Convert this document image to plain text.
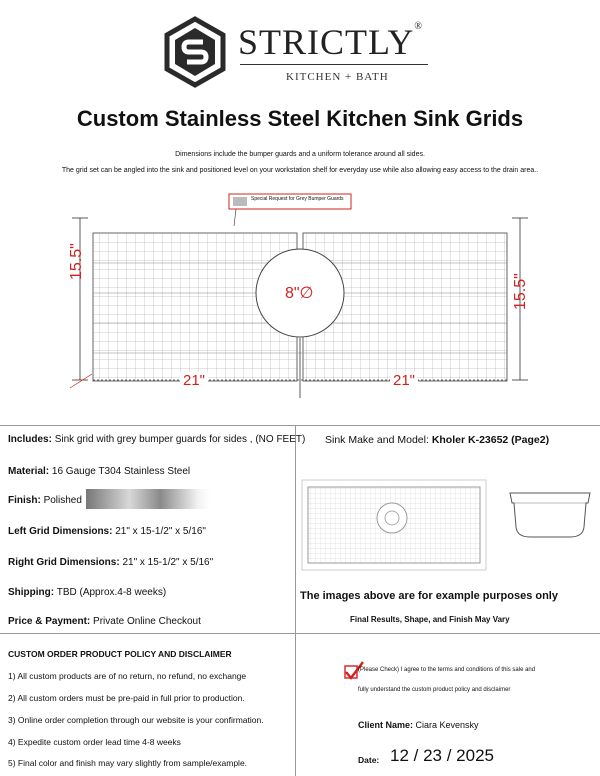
STRICTLY®
KITCHEN + BATH
Custom Stainless Steel Kitchen Sink Grids
Dimensions include the bumper guards and a uniform tolerance around all sides.
The grid set can be angled into the sink and positioned level on your workstation shelf for everyday use while also allowing easy access to the drain area..
Special Request for Grey Bumper Guards
15.5"
15.5"
8"∅
21"	21"
Includes: Sink grid with grey bumper guards for sides , (NO FEET)
Material: 16 Gauge T304 Stainless Steel
Finish: Polished
Left Grid Dimensions: 21" x 15-1/2" x 5/16"
Right Grid Dimensions: 21" x 15-1/2" x 5/16"
Shipping: TBD (Approx.4-8 weeks)
Price & Payment: Private Online Checkout
Sink Make and Model: Kholer K-23652 (Page2)
The images above are for example purposes only
Final Results, Shape, and Finish May Vary
CUSTOM ORDER PRODUCT POLICY AND DISCLAIMER
1) All custom products are of no return, no refund, no exchange
2) All custom orders must be pre-paid in full prior to production.
3) Online order completion through our website is your confirmation.
4) Expedite custom order lead time 4-8 weeks
5) Final color and finish may vary slightly from sample/example.
(Please Check) I agree to the terms and conditions of this sale and
fully understand the custom product policy and disclaimer
Client Name: Ciara Kevensky
Date: 12 / 23 / 2025
